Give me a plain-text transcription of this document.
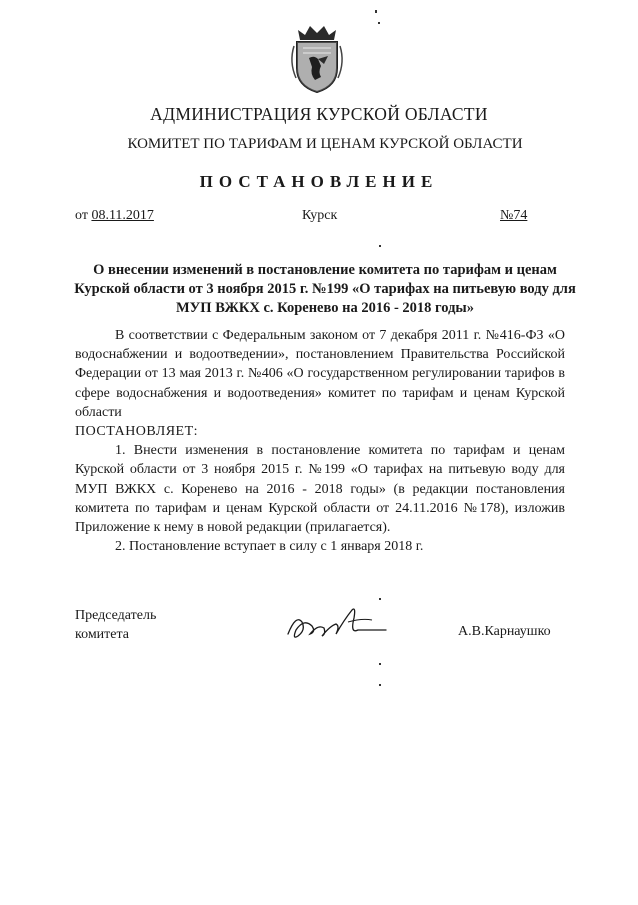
АДМИНИСТРАЦИЯ КУРСКОЙ ОБЛАСТИ
КОМИТЕТ ПО ТАРИФАМ И ЦЕНАМ КУРСКОЙ ОБЛАСТИ
ПОСТАНОВЛЕНИЕ
от 08.11.2017	Курск	№74
О внесении изменений в постановление комитета по тарифам и ценам Курской области от 3 ноября 2015 г. №199 «О тарифах на питьевую воду для МУП ВЖКХ с. Коренево на 2016 - 2018 годы»

В соответствии с Федеральным законом от 7 декабря 2011 г. №416-ФЗ «О водоснабжении и водоотведении», постановлением Правительства Российской Федерации от 13 мая 2013 г. №406 «О государственном регулировании тарифов в сфере водоснабжения и водоотведения» комитет по тарифам и ценам Курской области

ПОСТАНОВЛЯЕТ:

1. Внести изменения в постановление комитета по тарифам и ценам Курской области от 3 ноября 2015 г. №199 «О тарифах на питьевую воду для МУП ВЖКХ с. Коренево на 2016 - 2018 годы» (в редакции постановления комитета по тарифам и ценам Курской области от 24.11.2016 №178), изложив Приложение к нему в новой редакции (прилагается).

2. Постановление вступает в силу с 1 января 2018 г.

Председатель
комитета	А.В.Карнаушко
